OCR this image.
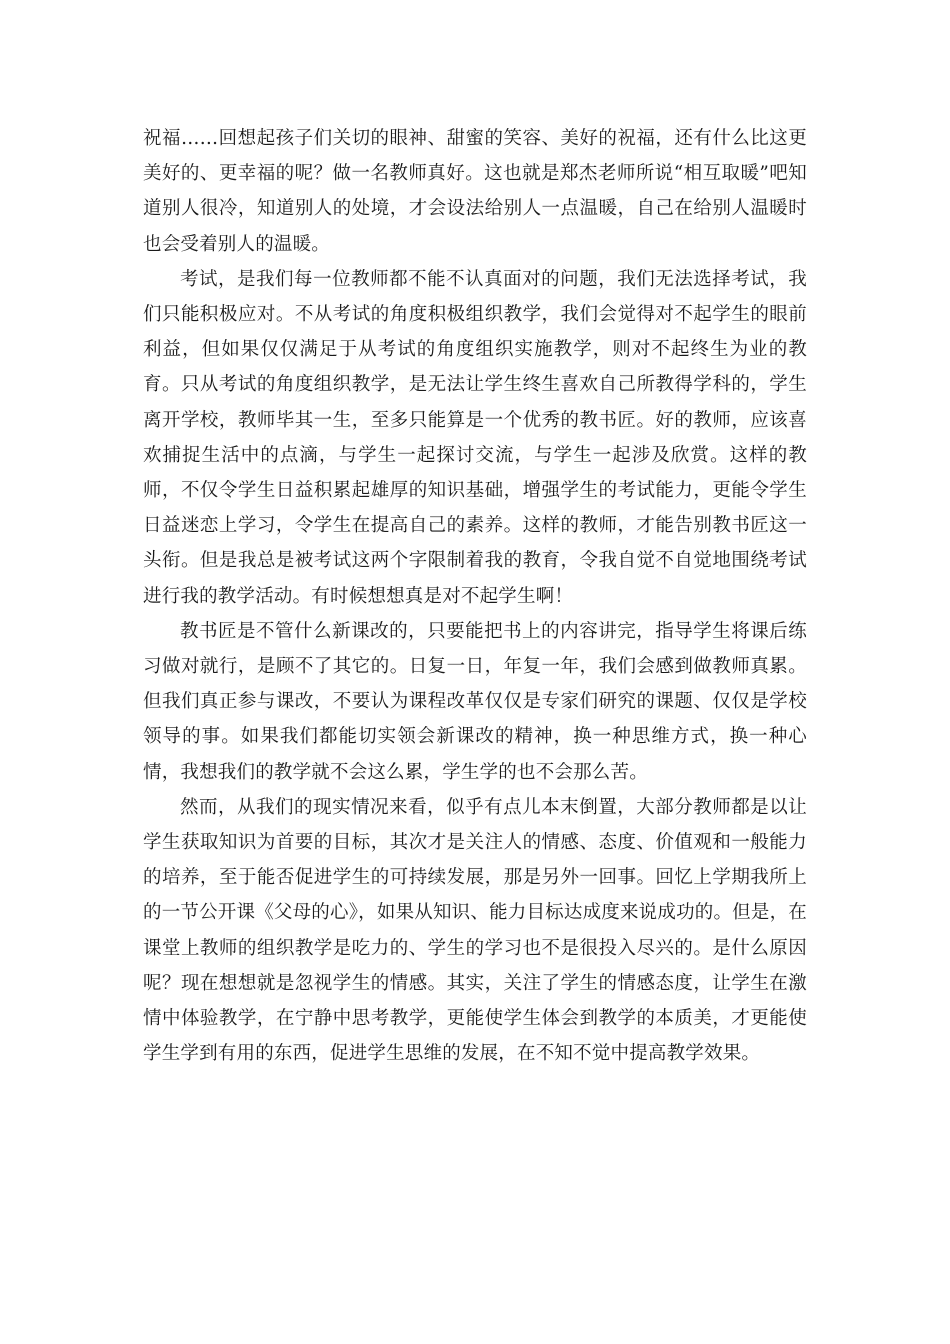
祝福……回想起孩子们关切的眼神、甜蜜的笑容、美好的祝福，还有什么比这更美好的、更幸福的呢？做一名教师真好。这也就是郑杰老师所说“相互取暖”吧知道别人很冷，知道别人的处境，才会设法给别人一点温暖，自己在给别人温暖时也会受着别人的温暖。

考试，是我们每一位教师都不能不认真面对的问题，我们无法选择考试，我们只能积极应对。不从考试的角度积极组织教学，我们会觉得对不起学生的眼前利益，但如果仅仅满足于从考试的角度组织实施教学，则对不起终生为业的教育。只从考试的角度组织教学，是无法让学生终生喜欢自己所教得学科的，学生离开学校，教师毕其一生，至多只能算是一个优秀的教书匠。好的教师，应该喜欢捕捉生活中的点滴，与学生一起探讨交流，与学生一起涉及欣赏。这样的教师，不仅令学生日益积累起雄厚的知识基础，增强学生的考试能力，更能令学生日益迷恋上学习，令学生在提高自己的素养。这样的教师，才能告别教书匠这一头衔。但是我总是被考试这两个字限制着我的教育，令我自觉不自觉地围绕考试进行我的教学活动。有时候想想真是对不起学生啊！

教书匠是不管什么新课改的，只要能把书上的内容讲完，指导学生将课后练习做对就行，是顾不了其它的。日复一日，年复一年，我们会感到做教师真累。但我们真正参与课改，不要认为课程改革仅仅是专家们研究的课题、仅仅是学校领导的事。如果我们都能切实领会新课改的精神，换一种思维方式，换一种心情，我想我们的教学就不会这么累，学生学的也不会那么苦。

然而，从我们的现实情况来看，似乎有点儿本末倒置，大部分教师都是以让学生获取知识为首要的目标，其次才是关注人的情感、态度、价值观和一般能力的培养，至于能否促进学生的可持续发展，那是另外一回事。回忆上学期我所上的一节公开课《父母的心》，如果从知识、能力目标达成度来说成功的。但是，在课堂上教师的组织教学是吃力的、学生的学习也不是很投入尽兴的。是什么原因呢？现在想想就是忽视学生的情感。其实，关注了学生的情感态度，让学生在激情中体验教学，在宁静中思考教学，更能使学生体会到教学的本质美，才更能使学生学到有用的东西，促进学生思维的发展，在不知不觉中提高教学效果。
